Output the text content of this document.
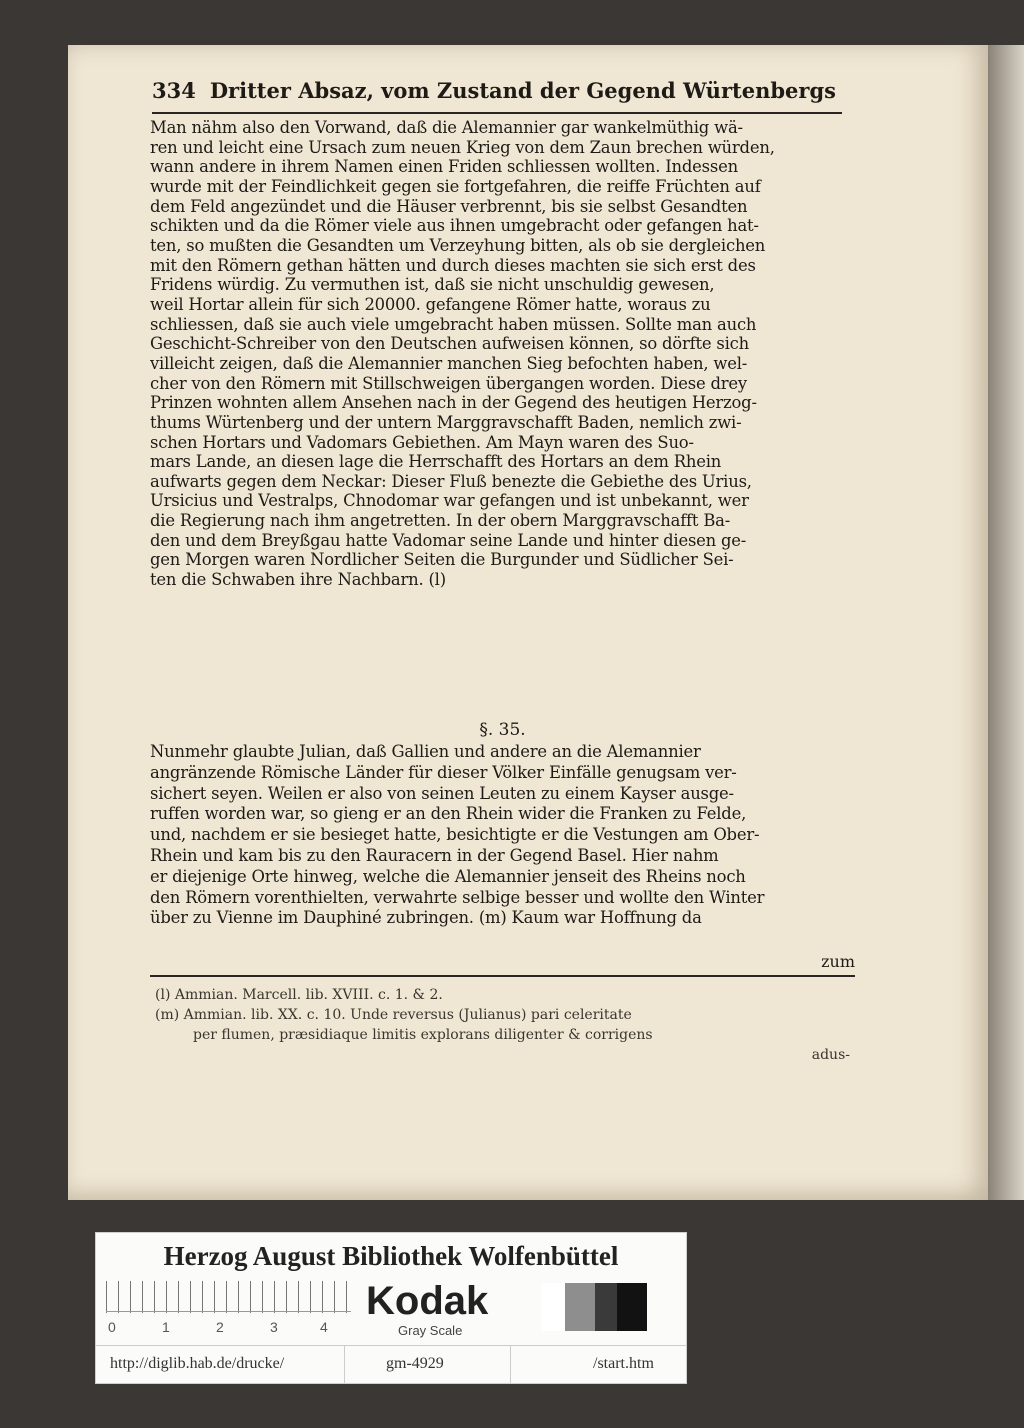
334 Dritter Absaz, vom Zustand der Gegend Würtenbergs
Man nähm also den Vorwand, daß die Alemannier gar wankelmüthig wä-
ren und leicht eine Ursach zum neuen Krieg von dem Zaun brechen würden,
wann andere in ihrem Namen einen Friden schliessen wollten. Indessen
wurde mit der Feindlichkeit gegen sie fortgefahren, die reiffe Früchten auf
dem Feld angezündet und die Häuser verbrennt, bis sie selbst Gesandten
schikten und da die Römer viele aus ihnen umgebracht oder gefangen hat-
ten, so mußten die Gesandten um Verzeyhung bitten, als ob sie dergleichen
mit den Römern gethan hätten und durch dieses machten sie sich erst des
Fridens würdig. Zu vermuthen ist, daß sie nicht unschuldig gewesen,
weil Hortar allein für sich 20000. gefangene Römer hatte, woraus zu
schliessen, daß sie auch viele umgebracht haben müssen. Sollte man auch
Geschicht-Schreiber von den Deutschen aufweisen können, so dörfte sich
villeicht zeigen, daß die Alemannier manchen Sieg befochten haben, wel-
cher von den Römern mit Stillschweigen übergangen worden. Diese drey
Prinzen wohnten allem Ansehen nach in der Gegend des heutigen Herzog-
thums Würtenberg und der untern Marggravschafft Baden, nemlich zwi-
schen Hortars und Vadomars Gebiethen. Am Mayn waren des Suo-
mars Lande, an diesen lage die Herrschafft des Hortars an dem Rhein
aufwarts gegen dem Neckar: Dieser Fluß benezte die Gebiethe des Urius,
Ursicius und Vestralps, Chnodomar war gefangen und ist unbekannt, wer
die Regierung nach ihm angetretten. In der obern Marggravschafft Ba-
den und dem Breyßgau hatte Vadomar seine Lande und hinter diesen ge-
gen Morgen waren Nordlicher Seiten die Burgunder und Südlicher Sei-
ten die Schwaben ihre Nachbarn. (l)
§. 35.
Nunmehr glaubte Julian, daß Gallien und andere an die Alemannier
angränzende Römische Länder für dieser Völker Einfälle genugsam ver-
sichert seyen. Weilen er also von seinen Leuten zu einem Kayser ausge-
ruffen worden war, so gieng er an den Rhein wider die Franken zu Felde,
und, nachdem er sie besieget hatte, besichtigte er die Vestungen am Ober-
Rhein und kam bis zu den Rauracern in der Gegend Basel. Hier nahm
er diejenige Orte hinweg, welche die Alemannier jenseit des Rheins noch
den Römern vorenthielten, verwahrte selbige besser und wollte den Winter
über zu Vienne im Dauphiné zubringen. (m) Kaum war Hoffnung da
zum
(l) Ammian. Marcell. lib. XVIII. c. 1. & 2.
(m) Ammian. lib. XX. c. 10. Unde reversus (Julianus) pari celeritate
per flumen, præsidiaque limitis explorans diligenter & corrigens
adus-
Herzog August Bibliothek Wolfenbüttel
0	1	2	3	4
Kodak
Gray Scale
http://diglib.hab.de/drucke/	gm-4929	/start.htm
